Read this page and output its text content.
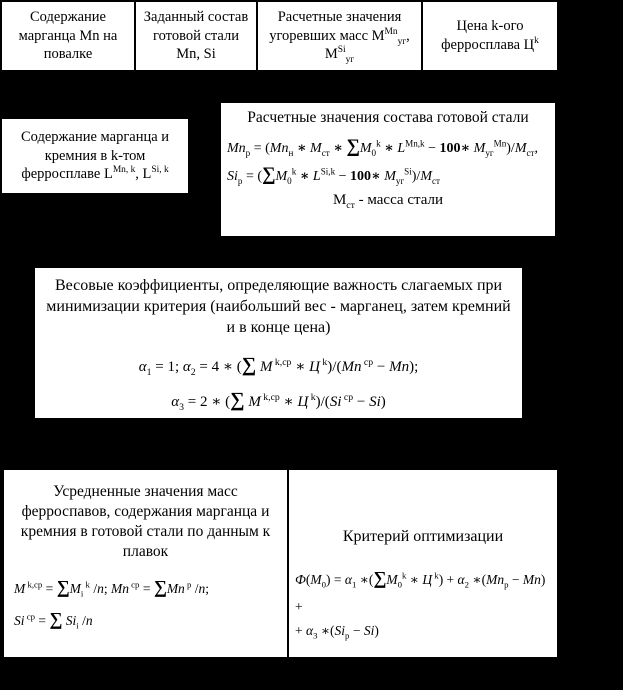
Содержание марганца Mn на повалке
Заданный состав готовой стали Mn, Si
Расчетные значения угоревших масс $М^{Mn}_{уг}$, $М^{Si}_{уг}$
Цена k-ого ферросплава $Ц^k$
Содержание марганца и кремния в k-том ферросплаве $L^{Mn, k}$, $L^{Si, k}$
Расчетные значения состава готовой стали
$Mn_р = (Mn_н$ ∗ $M_{ст}$ ∗ $\sum M_0^k$ ∗ $L^{Mn,k}$ − 100∗ $M_{уг}^{Mn})/M_{ст}$,
$Si_р = (\sum M_0^k$ ∗ $L^{Si,k}$ − 100∗ $M_{уг}^{Si})/M_{ст}$
$М_{ст}$ - масса стали
Весовые коэффициенты, определяющие важность слагаемых при минимизации критерия (наибольший вес - марганец, затем кремний и в конце цена)
$\alpha_1 = 1$; $\alpha_2 = 4$ ∗ (∑ M $^{k,ср}$ ∗ Ц $^k$)/(Mn $^{ср}$ − Mn);
$\alpha_3 = 2$ ∗ (∑ M $^{k,ср}$ ∗ Ц $^k$)/(Si $^{ср}$ − Si)
Усредненные значения масс ферроспавов, содержания марганца и кремния в готовой стали по данным к плавок
M $^{k,ср} = \sum M_i$ $^k$ /n; Mn $^{ср}$ = ∑Mn $^р$ /n;
Si $^{ср}$ = ∑ $Si_i$ /n
Критерий оптимизации
$Ф(M_0) = \alpha_1$ $∗(\sum M_0^k$ ∗ Ц $^k) + \alpha_2$ $∗(Mn_р - Mn)$ +
+ $\alpha_3$ $∗(Si_р - Si)$
